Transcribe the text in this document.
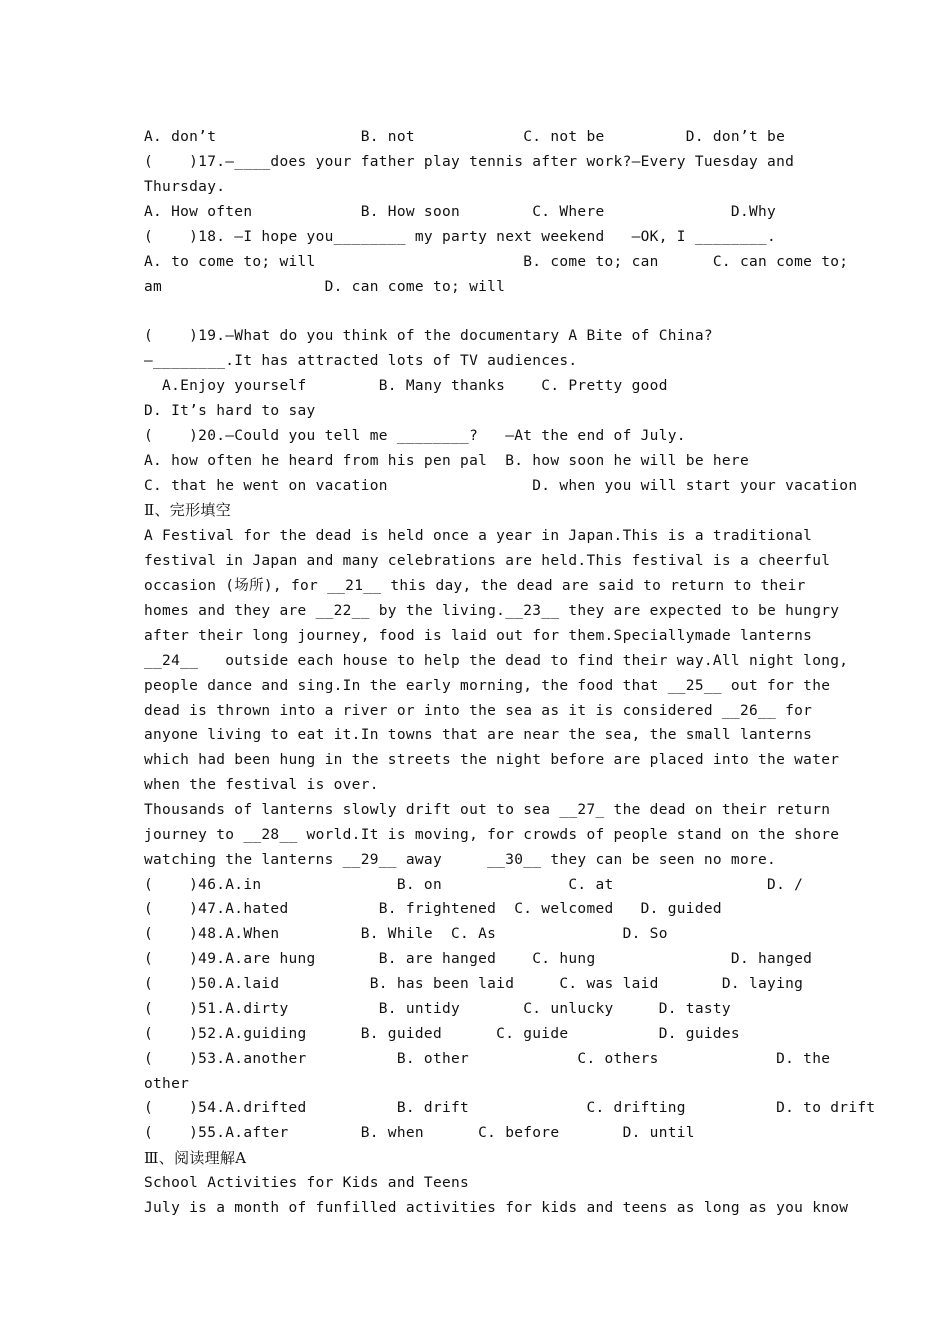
A. don’t                B. not            C. not be         D. don’t be
(    )17.—____does your father play tennis after work?—Every Tuesday and
Thursday.
A. How often            B. How soon        C. Where              D.Why
(    )18. —I hope you________ my party next weekend   —OK, I ________.
A. to come to; will                       B. come to; can      C. can come to;
am                  D. can come to; will
(    )19.—What do you think of the documentary A Bite of China?
—________.It has attracted lots of TV audiences.
A.Enjoy yourself        B. Many thanks    C. Pretty good
D. It’s hard to say
(    )20.—Could you tell me ________?   —At the end of July.
A. how often he heard from his pen pal  B. how soon he will be here
C. that he went on vacation                D. when you will start your vacation
Ⅱ、完形填空
A Festival for the dead is held once a year in Japan.This is a traditional
festival in Japan and many celebrations are held.This festival is a cheerful
occasion (场所), for __21__ this day, the dead are said to return to their
homes and they are __22__ by the living.__23__ they are expected to be hungry
after their long journey, food is laid out for them.Speciallymade lanterns
__24__   outside each house to help the dead to find their way.All night long,
people dance and sing.In the early morning, the food that __25__ out for the
dead is thrown into a river or into the sea as it is considered __26__ for
anyone living to eat it.In towns that are near the sea, the small lanterns
which had been hung in the streets the night before are placed into the water
when the festival is over.
Thousands of lanterns slowly drift out to sea __27_ the dead on their return
journey to __28__ world.It is moving, for crowds of people stand on the shore
watching the lanterns __29__ away     __30__ they can be seen no more.
(    )46.A.in               B. on              C. at                 D. /
(    )47.A.hated          B. frightened  C. welcomed   D. guided
(    )48.A.When         B. While  C. As              D. So
(    )49.A.are hung       B. are hanged    C. hung               D. hanged
(    )50.A.laid          B. has been laid     C. was laid       D. laying
(    )51.A.dirty          B. untidy       C. unlucky     D. tasty
(    )52.A.guiding      B. guided      C. guide          D. guides
(    )53.A.another          B. other            C. others             D. the
other
(    )54.A.drifted          B. drift             C. drifting          D. to drift
(    )55.A.after        B. when      C. before       D. until
Ⅲ、阅读理解A
School Activities for Kids and Teens
July is a month of funfilled activities for kids and teens as long as you know
